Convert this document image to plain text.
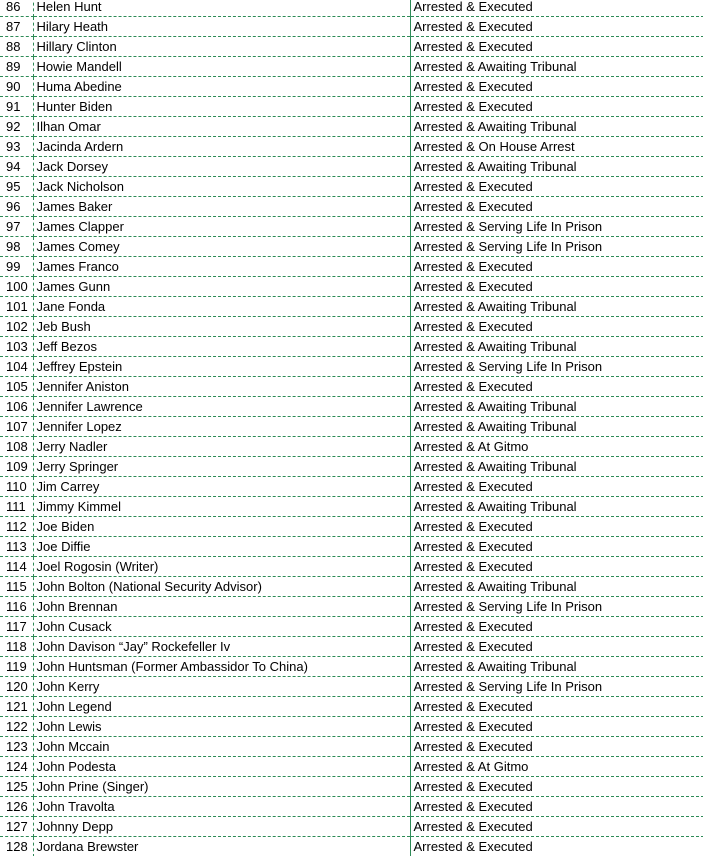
86	Helen Hunt	Arrested & Executed
87	Hilary Heath	Arrested & Executed
88	Hillary Clinton	Arrested & Executed
89	Howie Mandell	Arrested & Awaiting Tribunal
90	Huma Abedine	Arrested & Executed
91	Hunter Biden	Arrested & Executed
92	Ilhan Omar	Arrested & Awaiting Tribunal
93	Jacinda Ardern	Arrested & On House Arrest
94	Jack Dorsey	Arrested & Awaiting Tribunal
95	Jack Nicholson	Arrested & Executed
96	James Baker	Arrested & Executed
97	James Clapper	Arrested & Serving Life In Prison
98	James Comey	Arrested & Serving Life In Prison
99	James Franco	Arrested & Executed
100	James Gunn	Arrested & Executed
101	Jane Fonda	Arrested & Awaiting Tribunal
102	Jeb Bush	Arrested & Executed
103	Jeff Bezos	Arrested & Awaiting Tribunal
104	Jeffrey Epstein	Arrested & Serving Life In Prison
105	Jennifer Aniston	Arrested & Executed
106	Jennifer Lawrence	Arrested & Awaiting Tribunal
107	Jennifer Lopez	Arrested & Awaiting Tribunal
108	Jerry Nadler	Arrested & At Gitmo
109	Jerry Springer	Arrested & Awaiting Tribunal
110	Jim Carrey	Arrested & Executed
111	Jimmy Kimmel	Arrested & Awaiting Tribunal
112	Joe Biden	Arrested & Executed
113	Joe Diffie	Arrested & Executed
114	Joel Rogosin (Writer)	Arrested & Executed
115	John Bolton (National Security Advisor)	Arrested & Awaiting Tribunal
116	John Brennan	Arrested & Serving Life In Prison
117	John Cusack	Arrested & Executed
118	John Davison “Jay” Rockefeller Iv	Arrested & Executed
119	John Huntsman (Former Ambassidor To China)	Arrested & Awaiting Tribunal
120	John Kerry	Arrested & Serving Life In Prison
121	John Legend	Arrested & Executed
122	John Lewis	Arrested & Executed
123	John Mccain	Arrested & Executed
124	John Podesta	Arrested & At Gitmo
125	John Prine (Singer)	Arrested & Executed
126	John Travolta	Arrested & Executed
127	Johnny Depp	Arrested & Executed
128	Jordana Brewster	Arrested & Executed
